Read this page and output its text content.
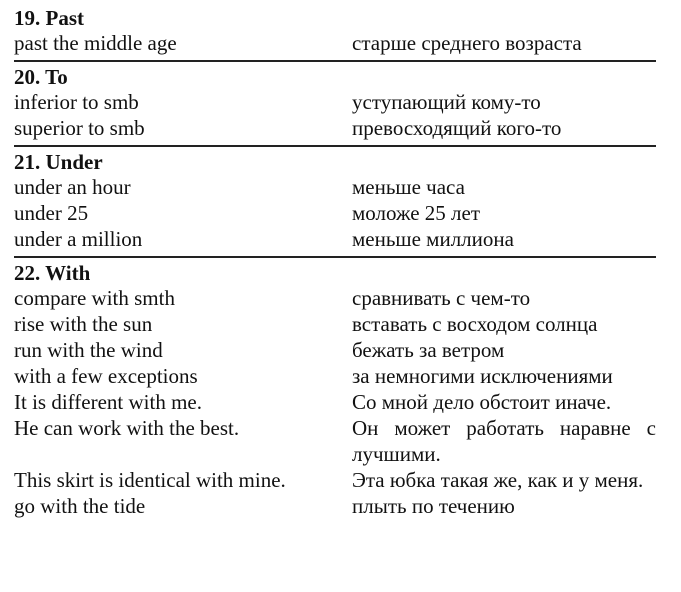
19. Past
past the middle age	старше среднего возраста
20. To
inferior to smb	уступающий кому-то
superior to smb	превосходящий кого-то
21. Under
under an hour	меньше часа
under 25	моложе 25 лет
under a million	меньше миллиона
22. With
compare with smth	сравнивать с чем-то
rise with the sun	вставать с восходом солнца
run with the wind	бежать за ветром
with a few exceptions	за немногими исключениями
It is different with me.	Со мной дело обстоит иначе.
He can work with the best.	Он может работать наравне с лучшими.
This skirt is identical with mine.	Эта юбка такая же, как и у меня.
go with the tide	плыть по течению
